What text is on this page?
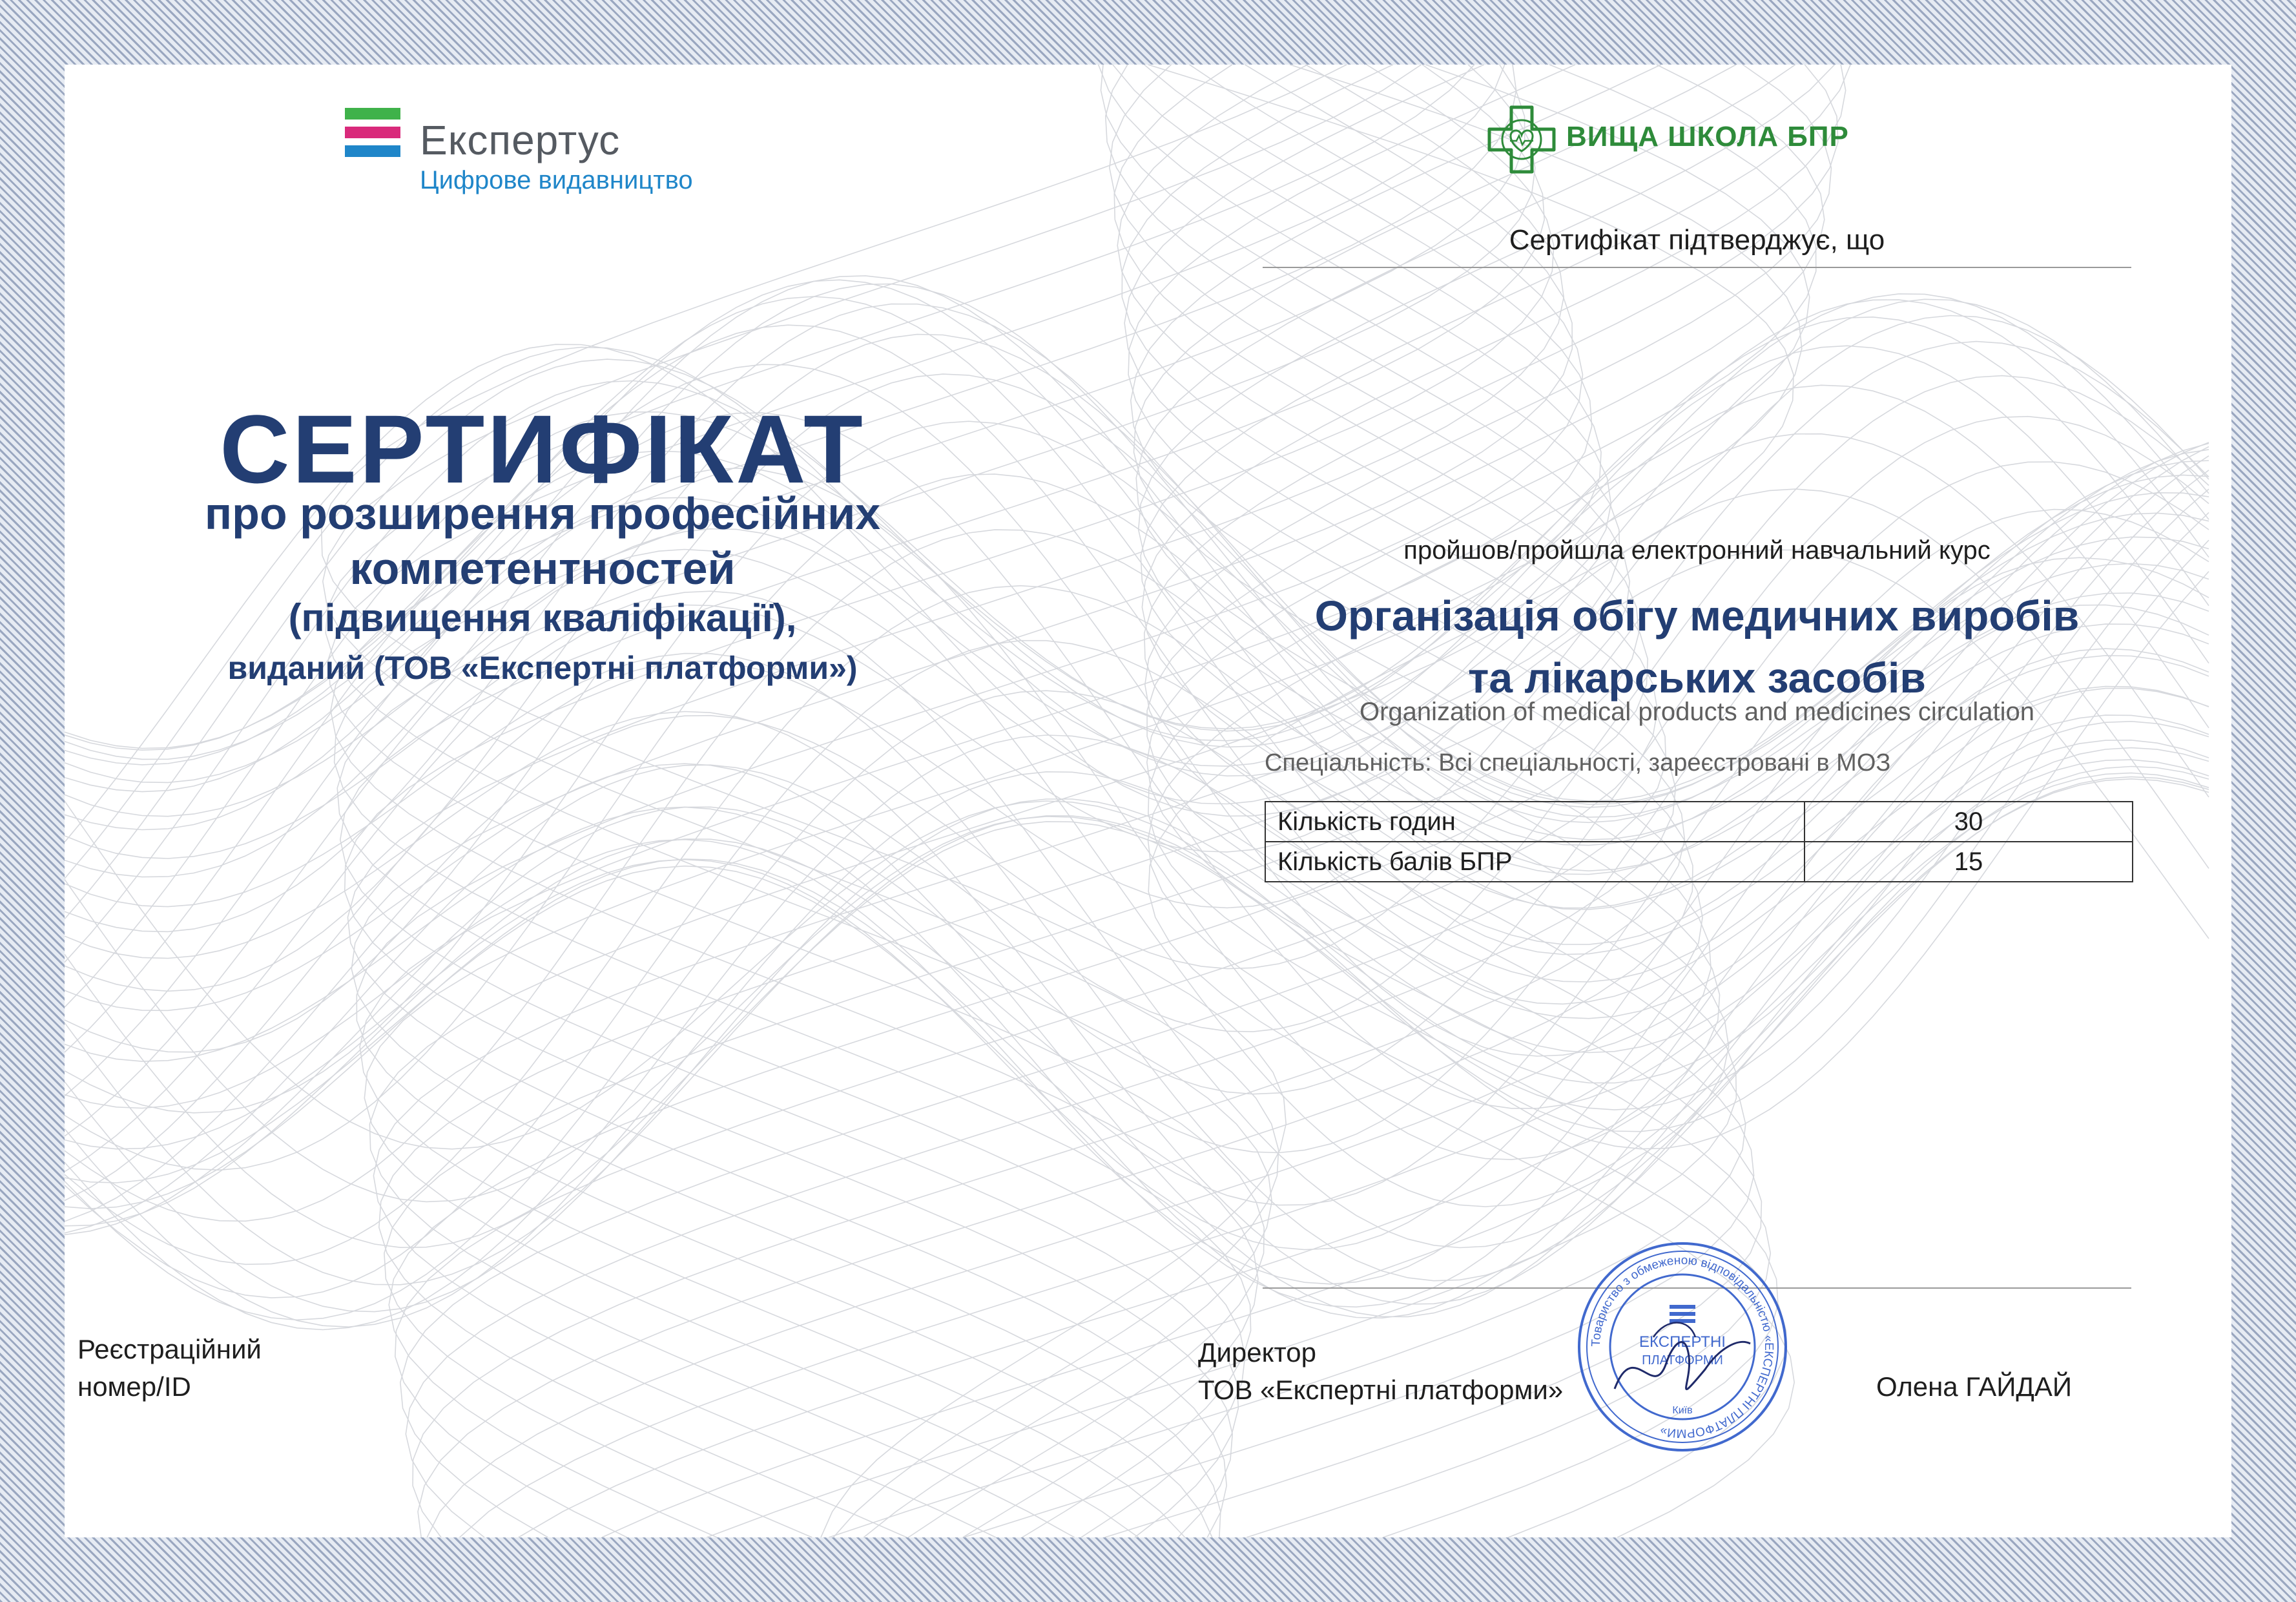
Експертус
Цифрове видавництво
СЕРТИФІКАТ
про розширення професійних
компетентностей
(підвищення кваліфікації),
виданий (ТОВ «Експертні платформи»)
Реєстраційний
номер/ID
ВИЩА ШКОЛА БПР
Сертифікат підтверджує, що
пройшов/пройшла електронний навчальний курс
Організація обігу медичних виробів
та лікарських засобів
Organization of medical products and medicines circulation
Спеціальність: Всі спеціальності, зареєстровані в МОЗ
Кількість годин	30
Кількість балів БПР	15
Директор
ТОВ «Експертні платформи»	Олена ГАЙДАЙ
Товариство з обмеженою відповідальністю «ЕКСПЕРТНІ ПЛАТФОРМИ»
ЕКСПЕРТНІ
ПЛАТФОРМИ
Київ
